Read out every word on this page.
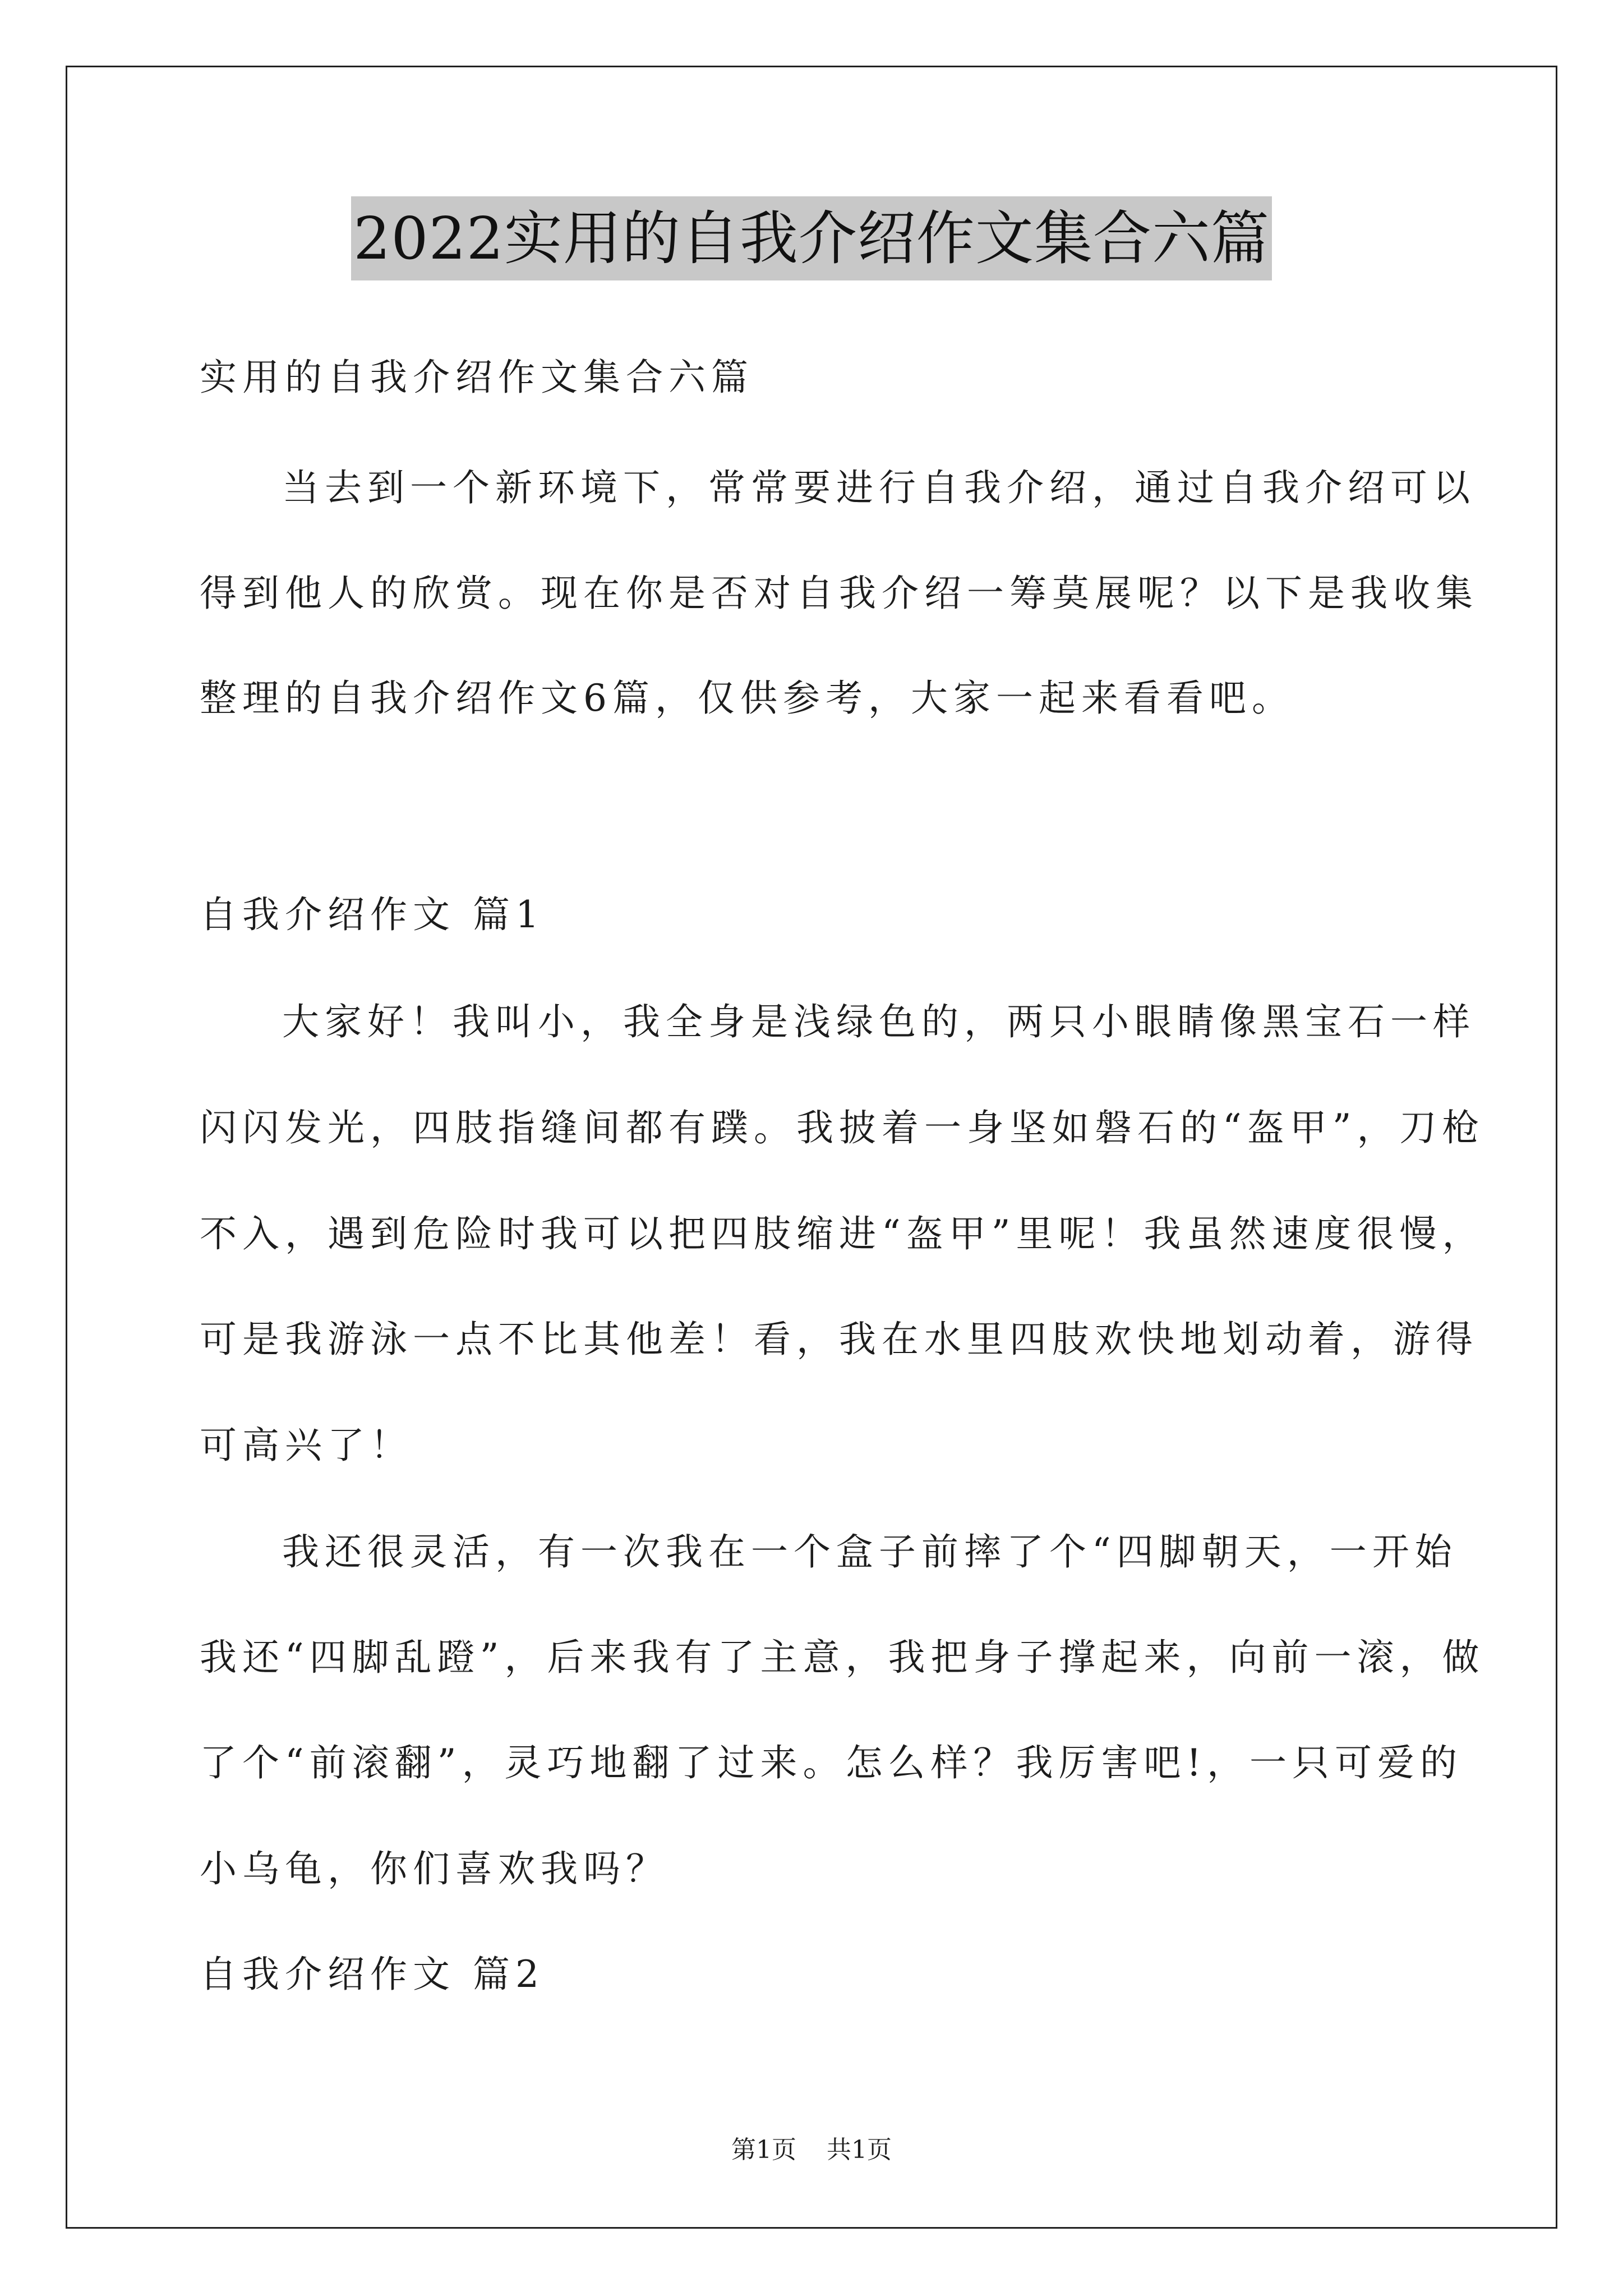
2022实用的自我介绍作文集合六篇

实用的自我介绍作文集合六篇

当去到一个新环境下，常常要进行自我介绍，通过自我介绍可以

得到他人的欣赏。现在你是否对自我介绍一筹莫展呢？以下是我收集

整理的自我介绍作文6篇，仅供参考，大家一起来看看吧。

自我介绍作文 篇1

大家好！我叫小，我全身是浅绿色的，两只小眼睛像黑宝石一样

闪闪发光，四肢指缝间都有蹼。我披着一身坚如磐石的“盔甲”，刀枪

不入，遇到危险时我可以把四肢缩进“盔甲”里呢！我虽然速度很慢，

可是我游泳一点不比其他差！看，我在水里四肢欢快地划动着，游得

可高兴了！

我还很灵活，有一次我在一个盒子前摔了个“四脚朝天，一开始

我还“四脚乱蹬”，后来我有了主意，我把身子撑起来，向前一滚，做

了个“前滚翻”，灵巧地翻了过来。怎么样？我厉害吧!，一只可爱的

小乌龟，你们喜欢我吗？

自我介绍作文 篇2

第1页 共1页
